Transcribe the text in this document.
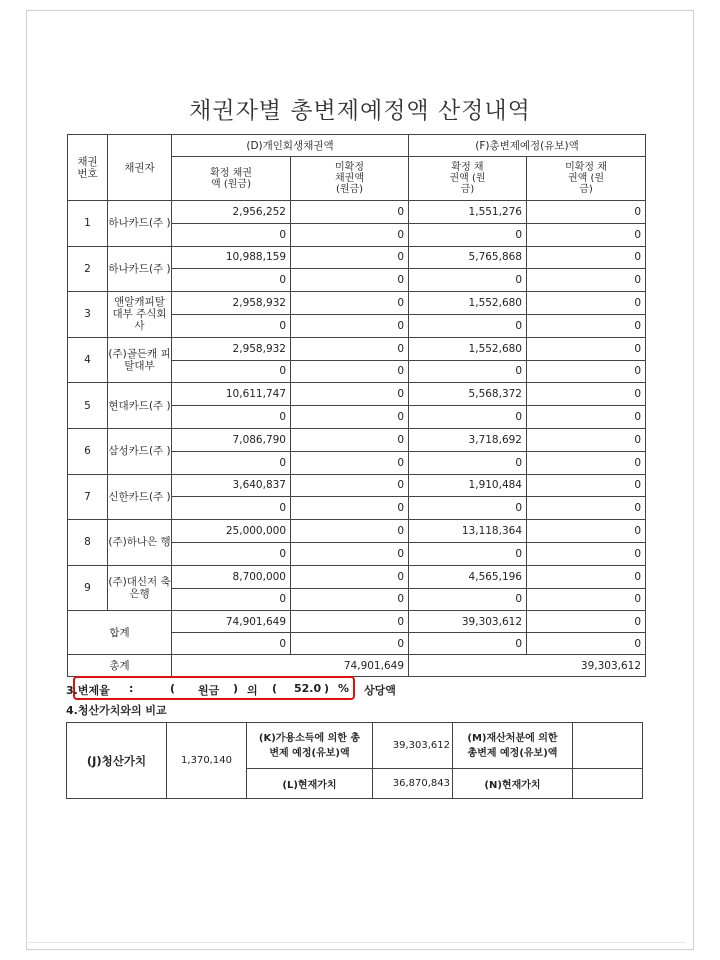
채권자별 총변제예정액 산정내역
채권 번호	채권자	(D)개인회생채권액		(F)총변제예정(유보)액	
		확정 채권액 (원금)	미확정 채권액 (원금)	확정 채권액 (원금)	미확정 채권액 (원금)
1	하나카드(주 )	2,956,252	0	1,551,276	0
		0	0	0	0
2	하나카드(주 )	10,988,159	0	5,765,868	0
		0	0	0	0
3	앤알캐피탈 대부 주식회사	2,958,932	0	1,552,680	0
		0	0	0	0
4	(주)골든캐 피탈대부	2,958,932	0	1,552,680	0
		0	0	0	0
5	현대카드(주 )	10,611,747	0	5,568,372	0
		0	0	0	0
6	삼성카드(주 )	7,086,790	0	3,718,692	0
		0	0	0	0
7	신한카드(주 )	3,640,837	0	1,910,484	0
		0	0	0	0
8	(주)하나은 행	25,000,000	0	13,118,364	0
		0	0	0	0
9	(주)대신저 축은행	8,700,000	0	4,565,196	0
		0	0	0	0
합계		74,901,649	0	39,303,612	0
		0	0	0	0
총계		74,901,649		39,303,612	

3.변제율

:

	(

원금

)

의

(

52.0

)

%

상당액

4.청산가치와의 비교
(J)청산가치	1,370,140	(K)가용소득에 의한 총변제 예정(유보)액	39,303,612	(M)재산처분에 의한 총변제 예정(유보)액	
		(L)현재가치	36,870,843	(N)현재가치	
